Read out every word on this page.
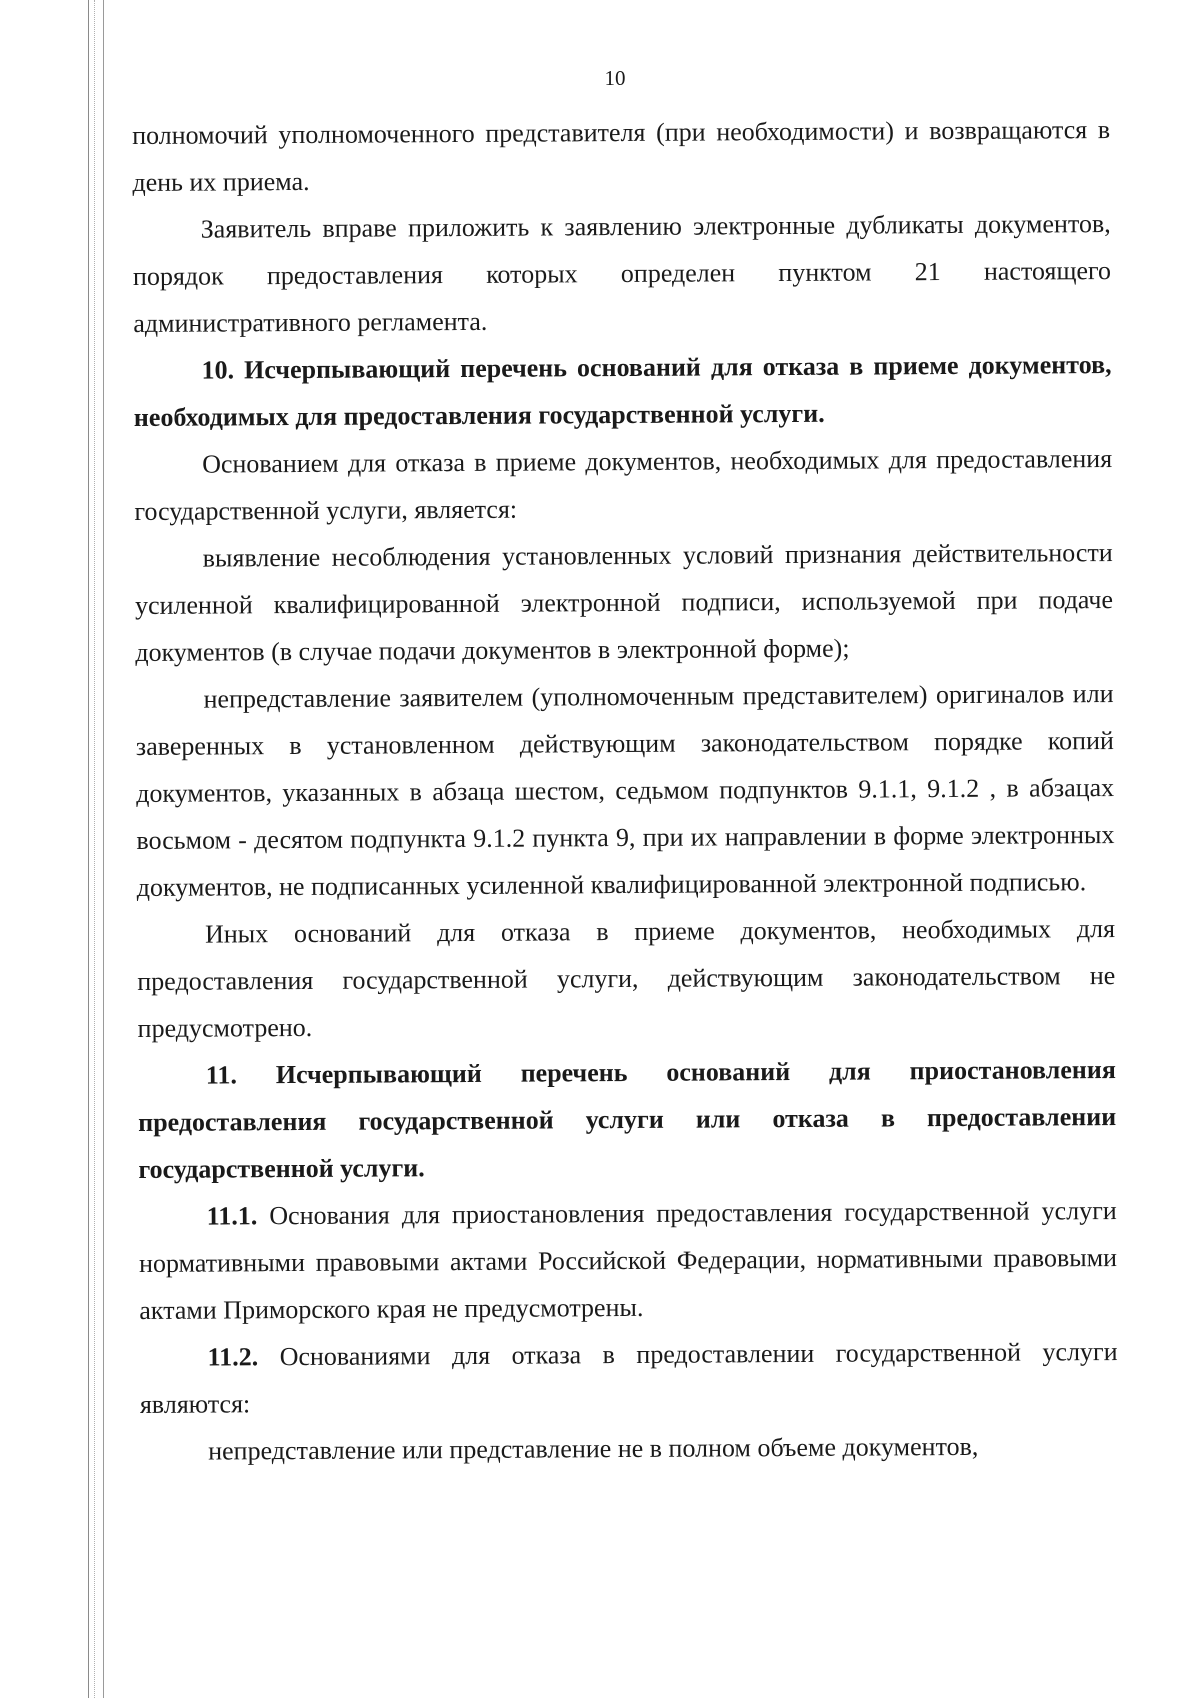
10

полномочий уполномоченного представителя (при необходимости) и возвращаются в день их приема.

Заявитель вправе приложить к заявлению электронные дубликаты документов, порядок предоставления которых определен пунктом 21 настоящего административного регламента.

10. Исчерпывающий перечень оснований для отказа в приеме документов, необходимых для предоставления государственной услуги.

Основанием для отказа в приеме документов, необходимых для предоставления государственной услуги, является:

выявление несоблюдения установленных условий признания действительности усиленной квалифицированной электронной подписи, используемой при подаче документов (в случае подачи документов в электронной форме);

непредставление заявителем (уполномоченным представителем) оригиналов или заверенных в установленном действующим законодательством порядке копий документов, указанных в абзаца шестом, седьмом подпунктов 9.1.1, 9.1.2 , в абзацах восьмом - десятом подпункта 9.1.2 пункта 9, при их направлении в форме электронных документов, не подписанных усиленной квалифицированной электронной подписью.

Иных оснований для отказа в приеме документов, необходимых для предоставления государственной услуги, действующим законодательством не предусмотрено.

11. Исчерпывающий перечень оснований для приостановления предоставления государственной услуги или отказа в предоставлении государственной услуги.

11.1. Основания для приостановления предоставления государственной услуги нормативными правовыми актами Российской Федерации, нормативными правовыми актами Приморского края не предусмотрены.

11.2. Основаниями для отказа в предоставлении государственной услуги являются:

непредставление или представление не в полном объеме документов,
